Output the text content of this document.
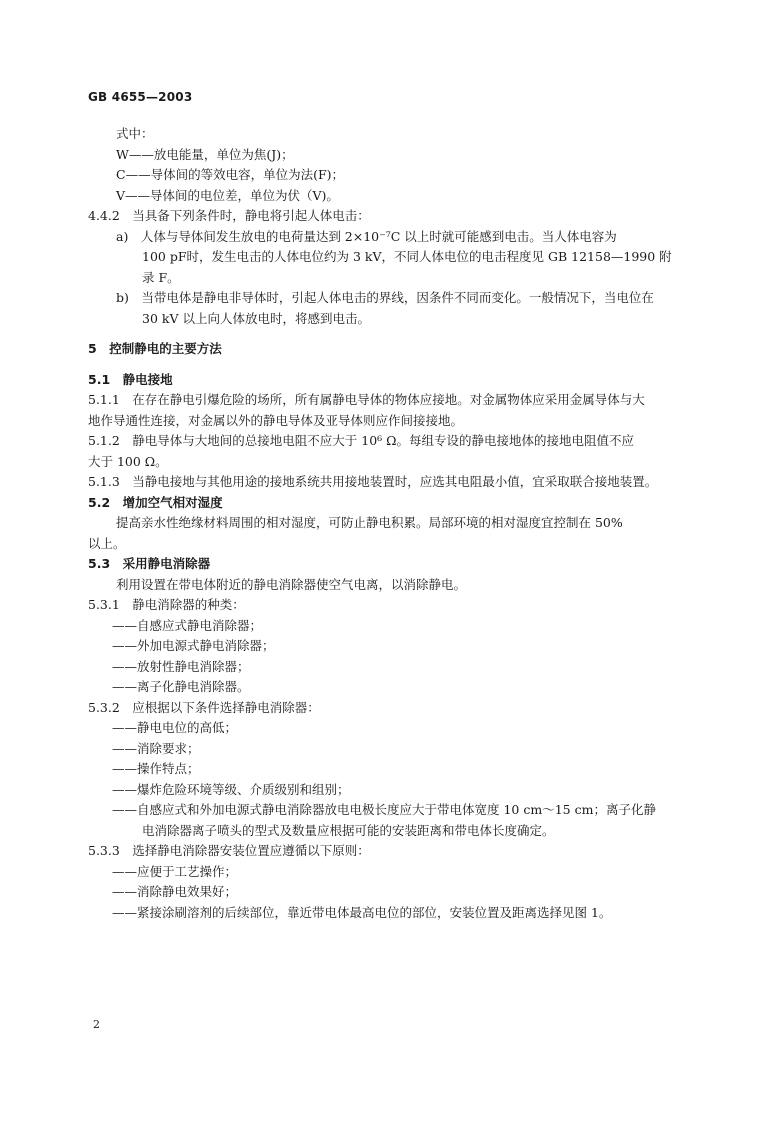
GB 4655—2003
式中：
W——放电能量，单位为焦(J)；
C——导体间的等效电容，单位为法(F)；
V——导体间的电位差，单位为伏（V)。
4.4.2　当具备下列条件时，静电将引起人体电击：
a)　人体与导体间发生放电的电荷量达到 2×10⁻⁷C 以上时就可能感到电击。当人体电容为
100 pF时，发生电击的人体电位约为 3 kV，不同人体电位的电击程度见 GB 12158—1990 附
录 F。
b)　当带电体是静电非导体时，引起人体电击的界线，因条件不同而变化。一般情况下，当电位在
30 kV 以上向人体放电时，将感到电击。
5　控制静电的主要方法
5.1　静电接地
5.1.1　在存在静电引爆危险的场所，所有属静电导体的物体应接地。对金属物体应采用金属导体与大
地作导通性连接，对金属以外的静电导体及亚导体则应作间接接地。
5.1.2　静电导体与大地间的总接地电阻不应大于 10⁶ Ω。每组专设的静电接地体的接地电阻值不应
大于 100 Ω。
5.1.3　当静电接地与其他用途的接地系统共用接地装置时，应选其电阻最小值，宜采取联合接地装置。
5.2　增加空气相对湿度
提高亲水性绝缘材料周围的相对湿度，可防止静电积累。局部环境的相对湿度宜控制在 50%
以上。
5.3　采用静电消除器
利用设置在带电体附近的静电消除器使空气电离，以消除静电。
5.3.1　静电消除器的种类：
——自感应式静电消除器；
——外加电源式静电消除器；
——放射性静电消除器；
——离子化静电消除器。
5.3.2　应根据以下条件选择静电消除器：
——静电电位的高低；
——消除要求；
——操作特点；
——爆炸危险环境等级、介质级别和组别；
——自感应式和外加电源式静电消除器放电电极长度应大于带电体宽度 10 cm～15 cm；离子化静
电消除器离子喷头的型式及数量应根据可能的安装距离和带电体长度确定。
5.3.3　选择静电消除器安装位置应遵循以下原则：
——应便于工艺操作；
——消除静电效果好；
——紧接涂刷溶剂的后续部位，靠近带电体最高电位的部位，安装位置及距离选择见图 1。
2
